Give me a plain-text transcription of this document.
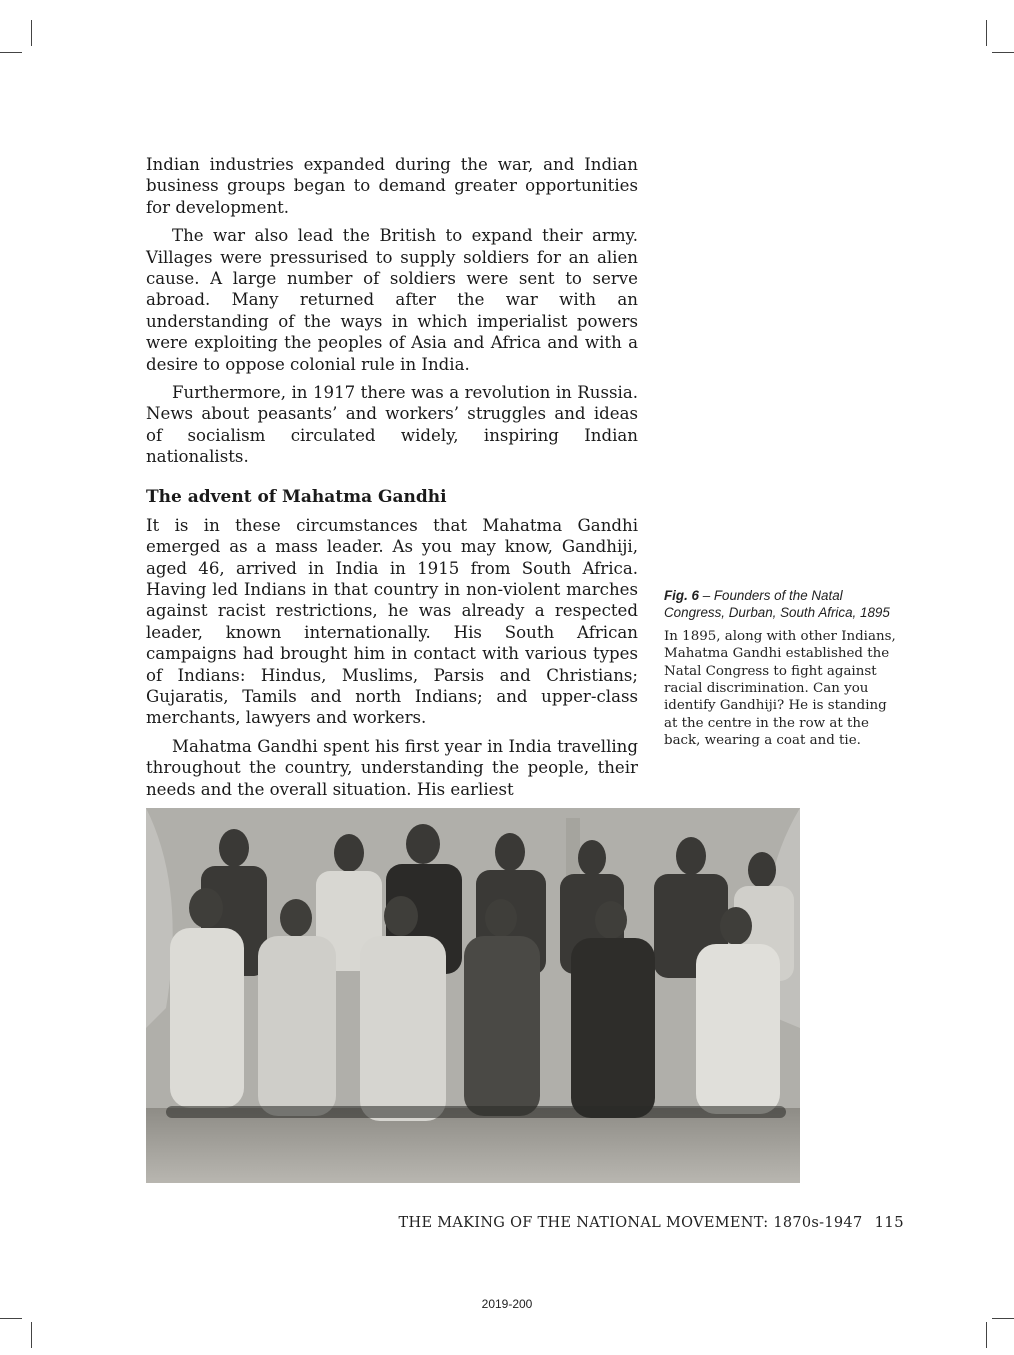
Indian industries expanded during the war, and Indian business groups began to demand greater opportunities for development.

The war also lead the British to expand their army. Villages were pressurised to supply soldiers for an alien cause. A large number of soldiers were sent to serve abroad. Many returned after the war with an understanding of the ways in which imperialist powers were exploiting the peoples of Asia and Africa and with a desire to oppose colonial rule in India.

Furthermore, in 1917 there was a revolution in Russia. News about peasants’ and workers’ struggles and ideas of socialism circulated widely, inspiring Indian nationalists.

The advent of Mahatma Gandhi

It is in these circumstances that Mahatma Gandhi emerged as a mass leader. As you may know, Gandhiji, aged 46, arrived in India in 1915 from South Africa. Having led Indians in that country in non-violent marches against racist restrictions, he was already a respected leader, known internationally. His South African campaigns had brought him in contact with various types of Indians: Hindus, Muslims, Parsis and Christians; Gujaratis, Tamils and north Indians; and upper-class merchants, lawyers and workers.

Mahatma Gandhi spent his first year in India travelling throughout the country, understanding the people, their needs and the overall situation. His earliest

Fig. 6 – Founders of the Natal Congress, Durban, South Africa, 1895

In 1895, along with other Indians, Mahatma Gandhi established the Natal Congress to fight against racial discrimination. Can you identify Gandhiji? He is standing at the centre in the row at the back, wearing a coat and tie.

THE MAKING OF THE NATIONAL MOVEMENT: 1870s-1947 115
2019-200
